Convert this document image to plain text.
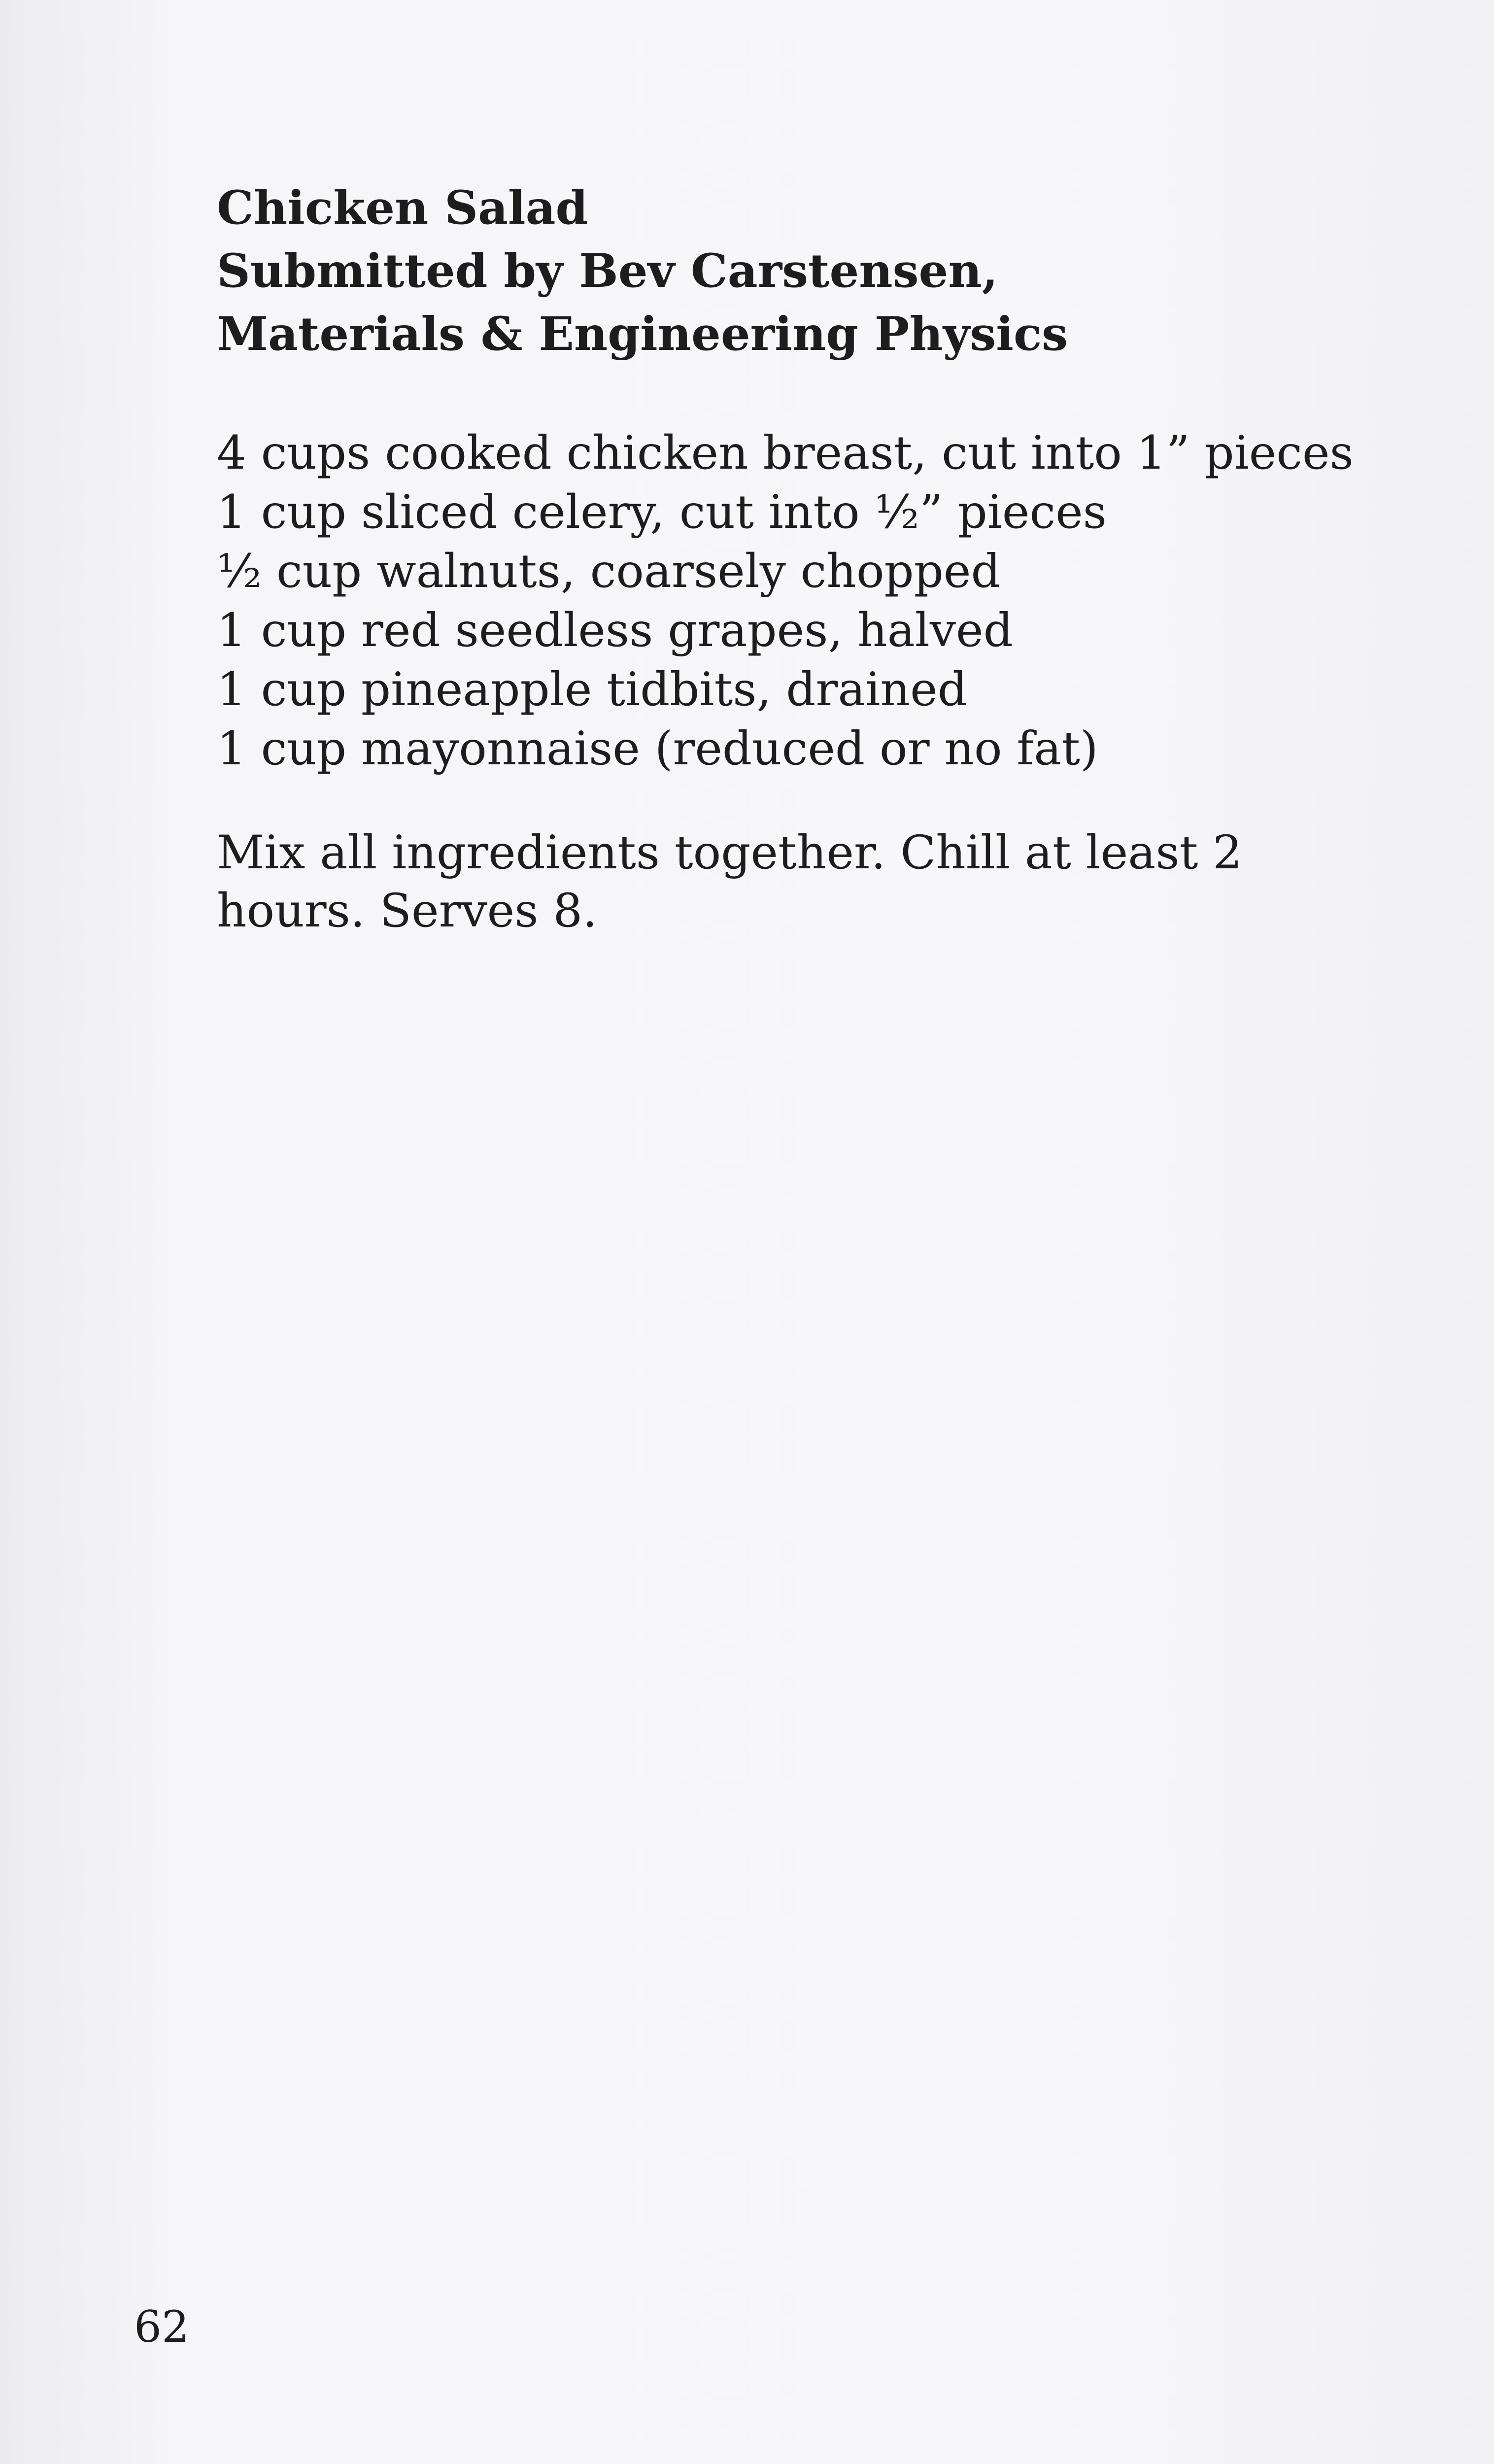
Chicken Salad
Submitted by Bev Carstensen,
Materials & Engineering Physics
4 cups cooked chicken breast, cut into 1” pieces
1 cup sliced celery, cut into ½” pieces
½ cup walnuts, coarsely chopped
1 cup red seedless grapes, halved
1 cup pineapple tidbits, drained
1 cup mayonnaise (reduced or no fat)

Mix all ingredients together. Chill at least 2 hours. Serves 8.

62
